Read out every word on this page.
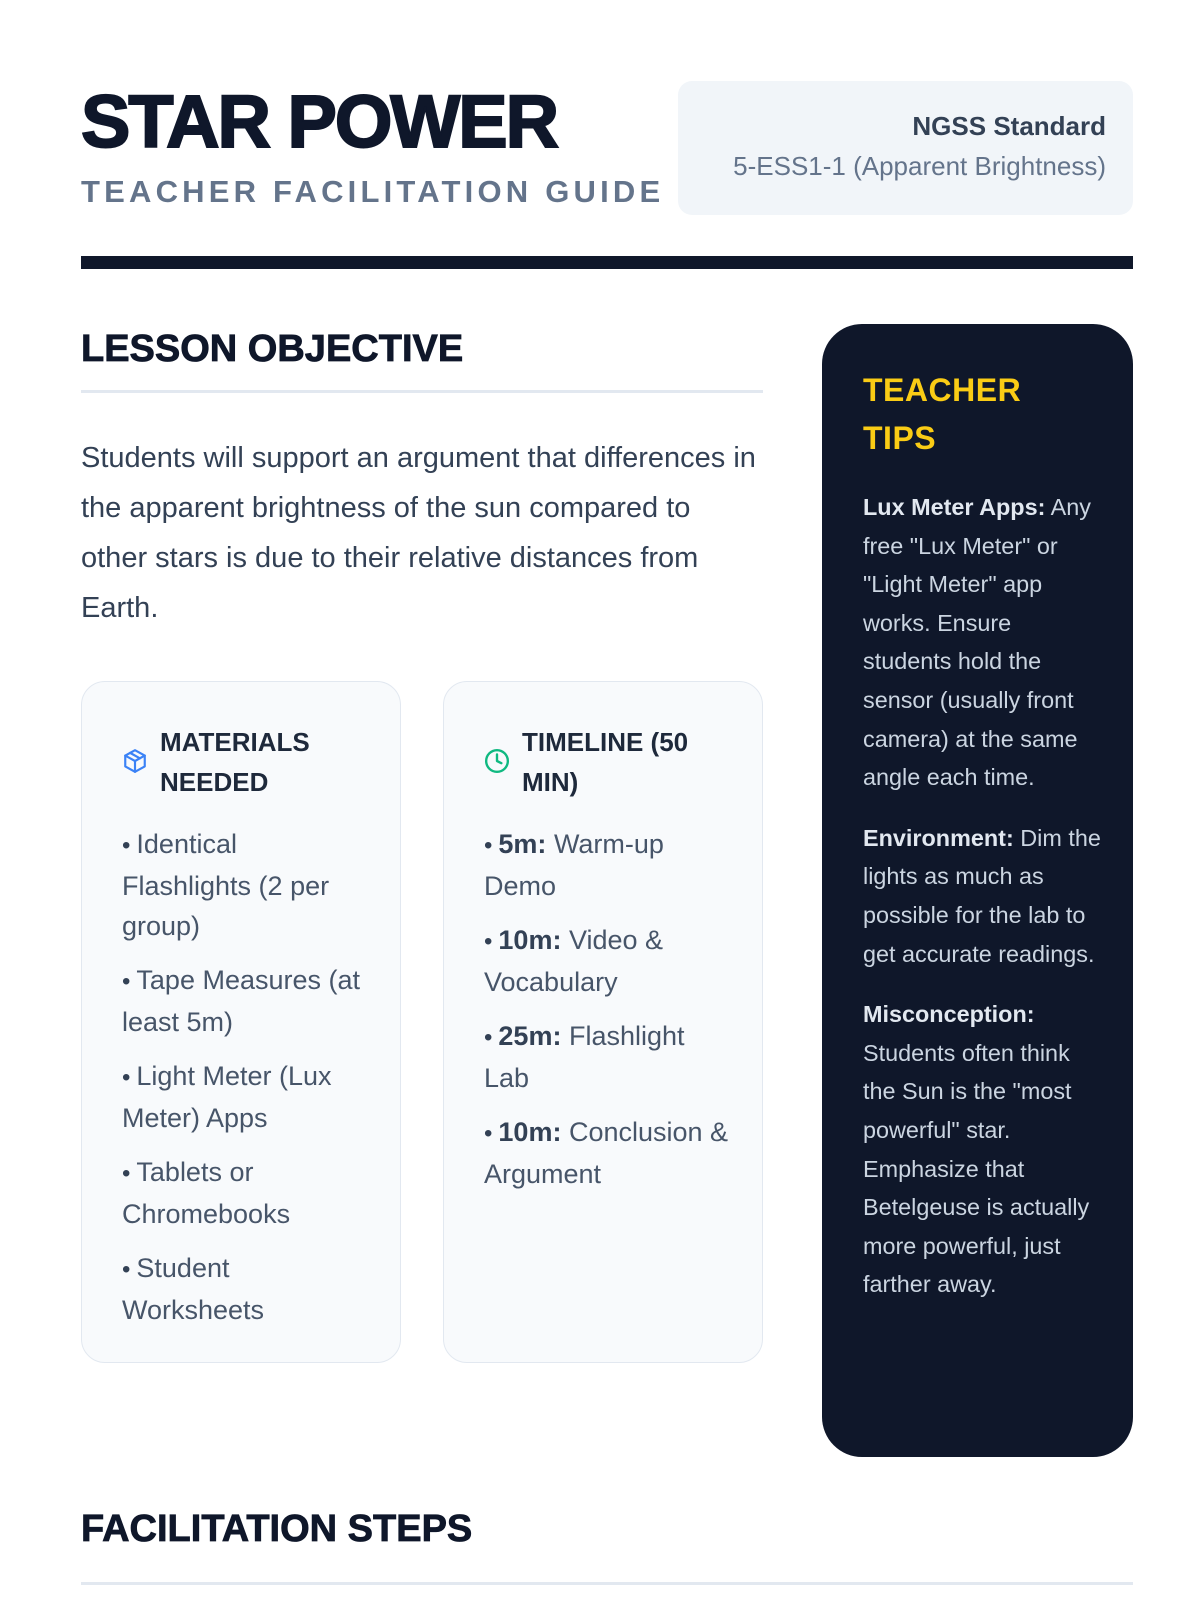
STAR POWER
TEACHER FACILITATION GUIDE
NGSS Standard
5-ESS1-1 (Apparent Brightness)
LESSON OBJECTIVE

Students will support an argument that differences in the apparent brightness of the sun compared to other stars is due to their relative distances from Earth.

MATERIALS NEEDED
• Identical Flashlights (2 per group)
• Tape Measures (at least 5m)
• Light Meter (Lux Meter) Apps
• Tablets or Chromebooks
• Student Worksheets
TIMELINE (50 MIN)
• 5m: Warm-up Demo
• 10m: Video & Vocabulary
• 25m: Flashlight Lab
• 10m: Conclusion & Argument
TEACHER TIPS

Lux Meter Apps: Any free "Lux Meter" or "Light Meter" app works. Ensure students hold the sensor (usually front camera) at the same angle each time.

Environment: Dim the lights as much as possible for the lab to get accurate readings.

Misconception: Students often think the Sun is the "most powerful" star. Emphasize that Betelgeuse is actually more powerful, just farther away.

FACILITATION STEPS
